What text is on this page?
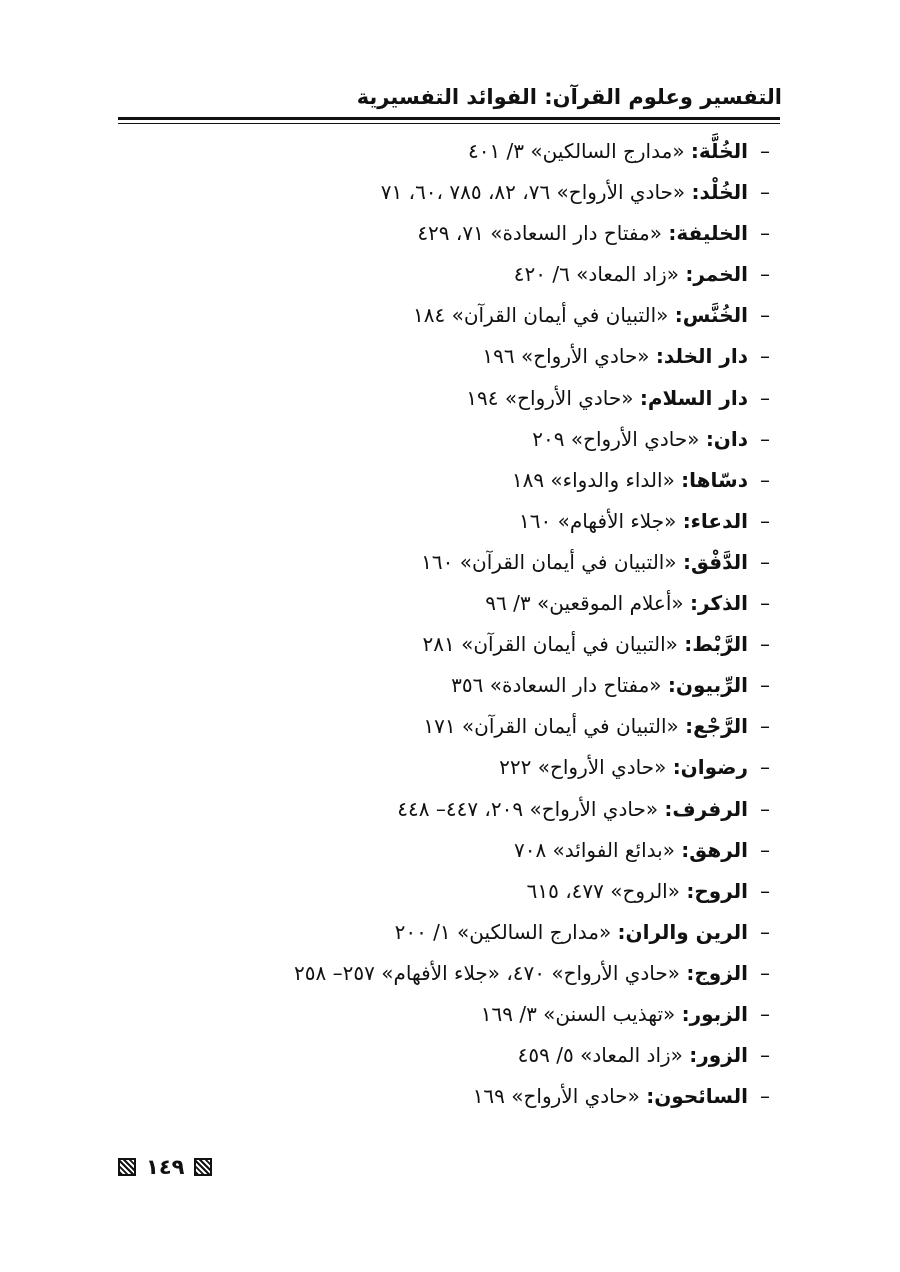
التفسير وعلوم القرآن: الفوائد التفسيرية
–الخُلَّة: «مدارج السالكين» ٣/ ٤٠١
–الخُلْد: «حادي الأرواح» ٧٦، ٨٢، ٧٨٥ ،٦٠، ٧١
–الخليفة: «مفتاح دار السعادة» ٧١، ٤٢٩
–الخمر: «زاد المعاد» ٦/ ٤٢٠
–الخُنَّس: «التبيان في أيمان القرآن» ١٨٤
–دار الخلد: «حادي الأرواح» ١٩٦
–دار السلام: «حادي الأرواح» ١٩٤
–دان: «حادي الأرواح» ٢٠٩
–دسّاها: «الداء والدواء» ١٨٩
–الدعاء: «جلاء الأفهام» ١٦٠
–الدَّفْق: «التبيان في أيمان القرآن» ١٦٠
–الذكر: «أعلام الموقعين» ٣/ ٩٦
–الرَّبْط: «التبيان في أيمان القرآن» ٢٨١
–الرِّبيون: «مفتاح دار السعادة» ٣٥٦
–الرَّجْع: «التبيان في أيمان القرآن» ١٧١
–رضوان: «حادي الأرواح» ٢٢٢
–الرفرف: «حادي الأرواح» ٢٠٩، ٤٤٧– ٤٤٨
–الرهق: «بدائع الفوائد» ٧٠٨
–الروح: «الروح» ٤٧٧، ٦١٥
–الرين والران: «مدارج السالكين» ١/ ٢٠٠
–الزوج: «حادي الأرواح» ٤٧٠، «جلاء الأفهام» ٢٥٧– ٢٥٨
–الزبور: «تهذيب السنن» ٣/ ١٦٩
–الزور: «زاد المعاد» ٥/ ٤٥٩
–السائحون: «حادي الأرواح» ١٦٩
١٤٩
